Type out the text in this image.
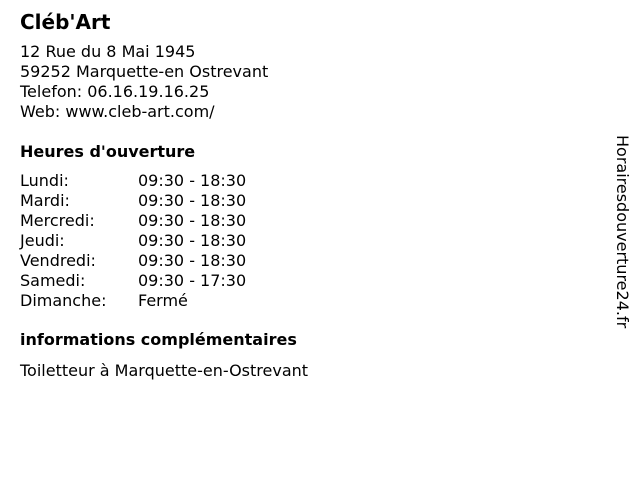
Cléb'Art
12 Rue du 8 Mai 1945
59252 Marquette-en Ostrevant
Telefon: 06.16.19.16.25
Web: www.cleb-art.com/
Heures d'ouverture
Lundi:	09:30 - 18:30
Mardi:	09:30 - 18:30
Mercredi:	09:30 - 18:30
Jeudi:	09:30 - 18:30
Vendredi:	09:30 - 18:30
Samedi:	09:30 - 17:30
Dimanche:	Fermé
informations complémentaires
Toiletteur à Marquette-en-Ostrevant
Horairesdouverture24.fr
